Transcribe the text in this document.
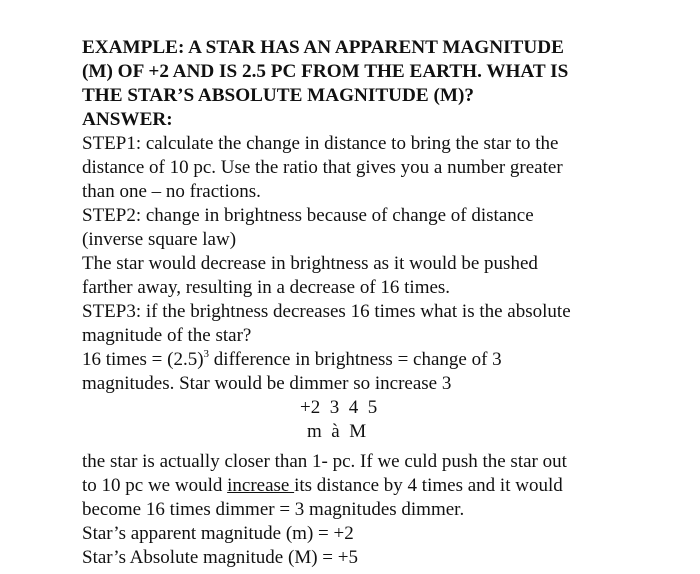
EXAMPLE: A STAR HAS AN APPARENT MAGNITUDE
(M) OF +2 AND IS 2.5 PC FROM THE EARTH. WHAT IS
THE STAR’S ABSOLUTE MAGNITUDE (M)?
ANSWER:
STEP1: calculate the change in distance to bring the star to the
distance of 10 pc. Use the ratio that gives you a number greater
than one – no fractions.
STEP2: change in brightness because of change of distance
(inverse square law)
The star would decrease in brightness as it would be pushed
farther away, resulting in a decrease of 16 times.
STEP3: if the brightness decreases 16 times what is the absolute
magnitude of the star?
16 times = $(2.5)^3$ difference in brightness = change of 3
magnitudes. Star would be dimmer so increase 3
+2  3  4  5
m  à  M
the star is actually closer than 1- pc. If we culd push the star out
to 10 pc we would increase its distance by 4 times and it would
become 16 times dimmer = 3 magnitudes dimmer.
Star’s apparent magnitude (m) = +2
Star’s Absolute magnitude (M) = +5
